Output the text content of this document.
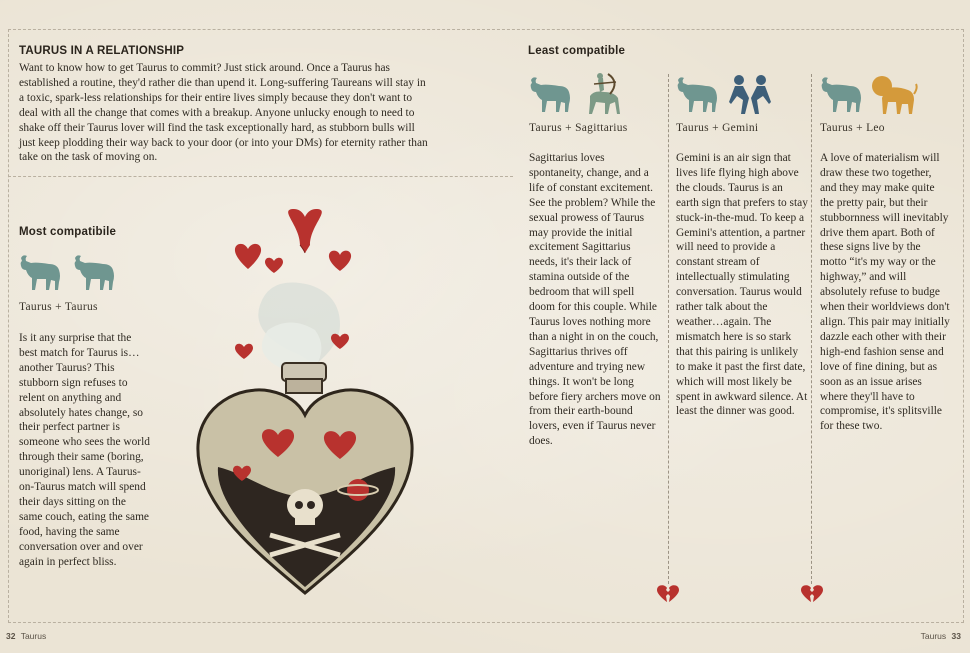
TAURUS IN A RELATIONSHIP
Want to know how to get Taurus to commit? Just stick around. Once a Taurus has established a routine, they'd rather die than upend it. Long-suffering Taureans will stay in a toxic, spark-less relationships for their entire lives simply because they don't want to deal with all the change that comes with a breakup. Anyone unlucky enough to need to shake off their Taurus lover will find the task exceptionally hard, as stubborn bulls will just keep plodding their way back to your door (or into your DMs) for eternity rather than take on the task of moving on.
Most compatibile
Taurus + Taurus
Is it any surprise that the best match for Taurus is…another Taurus? This stubborn sign refuses to relent on anything and absolutely hates change, so their perfect partner is someone who sees the world through their same (boring, unoriginal) lens. A Taurus-on-Taurus match will spend their days sitting on the same couch, eating the same food, having the same conversation over and over again in perfect bliss.
Least compatible
Taurus + Sagittarius
Sagittarius loves spontaneity, change, and a life of constant excitement. See the problem? While the sexual prowess of Taurus may provide the initial excitement Sagittarius needs, it's their lack of stamina outside of the bedroom that will spell doom for this couple. While Taurus loves nothing more than a night in on the couch, Sagittarius thrives off adventure and trying new things. It won't be long before fiery archers move on from their earth-bound lovers, even if Taurus never does.
Taurus + Gemini
Gemini is an air sign that lives life flying high above the clouds. Taurus is an earth sign that prefers to stay stuck-in-the-mud. To keep a Gemini's attention, a partner will need to provide a constant stream of intellectually stimulating conversation. Taurus would rather talk about the weather…again. The mismatch here is so stark that this pairing is unlikely to make it past the first date, which will most likely be spent in awkward silence. At least the dinner was good.
Taurus + Leo
A love of materialism will draw these two together, and they may make quite the pretty pair, but their stubbornness will inevitably drive them apart. Both of these signs live by the motto “it's my way or the highway,” and will absolutely refuse to budge when their worldviews don't align. This pair may initially dazzle each other with their high-end fashion sense and love of fine dining, but as soon as an issue arises where they'll have to compromise, it's splitsville for these two.
32 Taurus	Taurus 33
